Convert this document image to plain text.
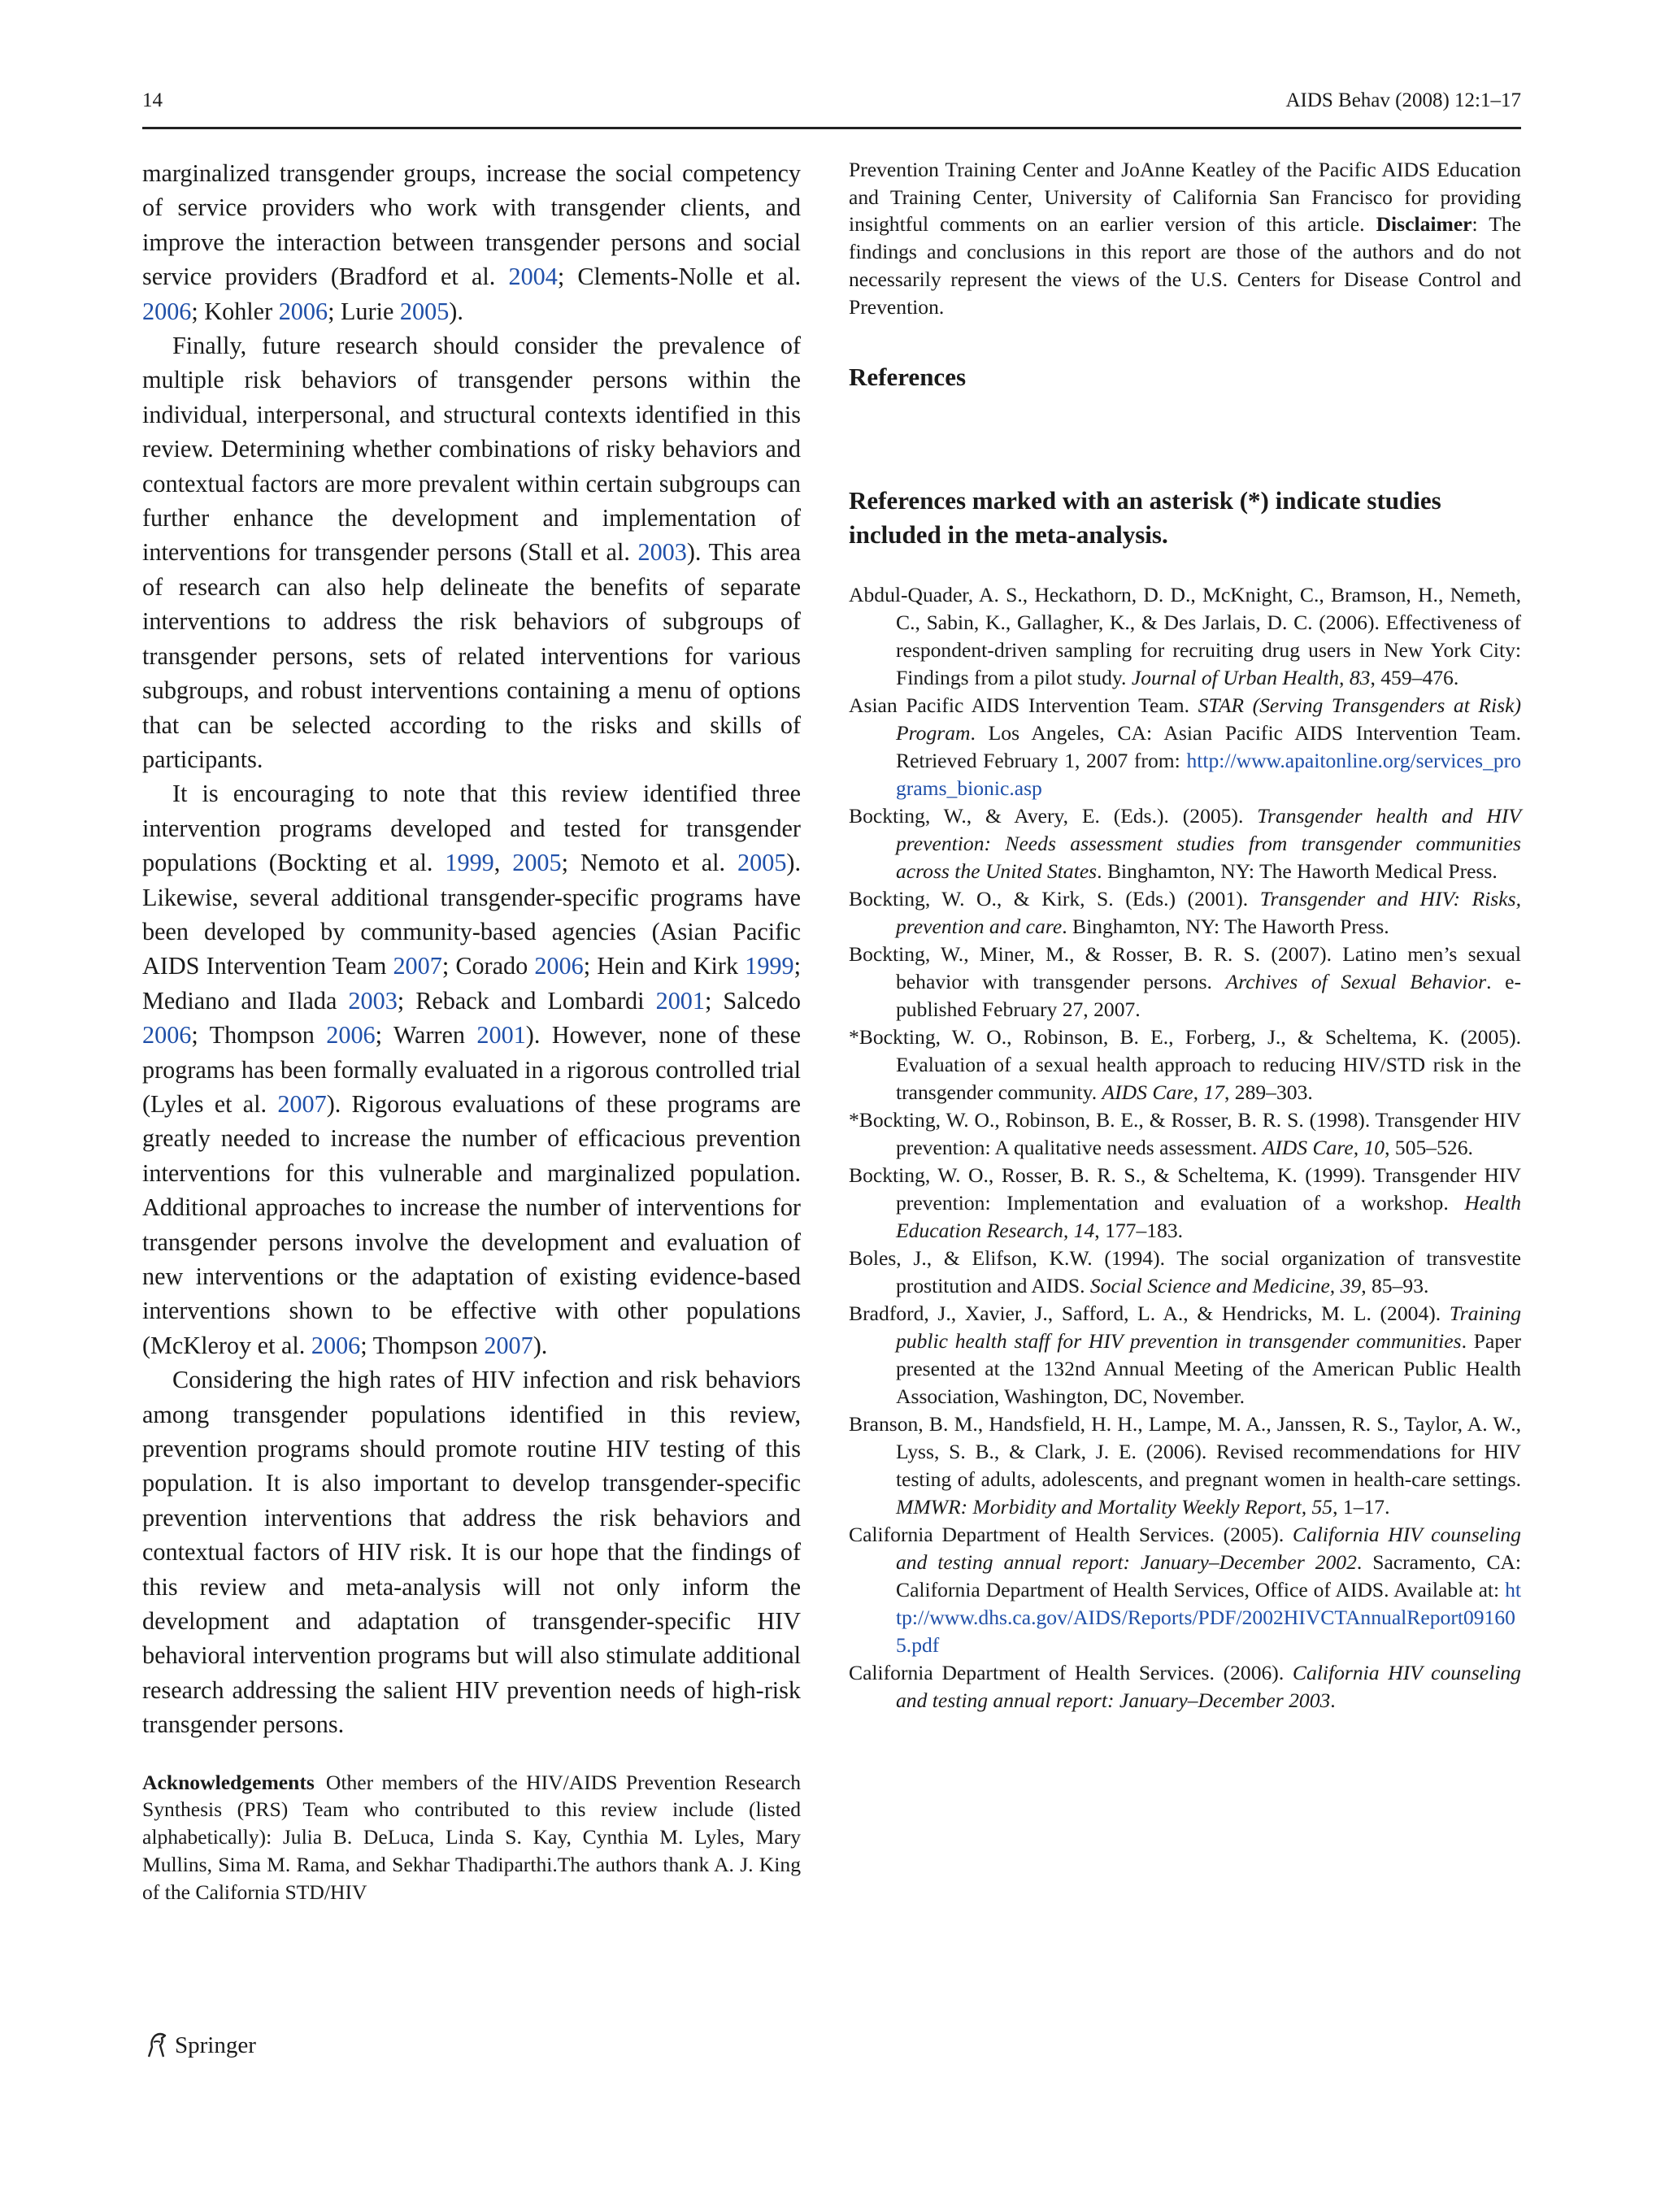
14	AIDS Behav (2008) 12:1–17

marginalized transgender groups, increase the social competency of service providers who work with transgender clients, and improve the interaction between transgender persons and social service providers (Bradford et al. 2004; Clements-Nolle et al. 2006; Kohler 2006; Lurie 2005).

Finally, future research should consider the prevalence of multiple risk behaviors of transgender persons within the individual, interpersonal, and structural contexts identified in this review. Determining whether combinations of risky behaviors and contextual factors are more prevalent within certain subgroups can further enhance the development and implementation of interventions for transgender persons (Stall et al. 2003). This area of research can also help delineate the benefits of separate interventions to address the risk behaviors of subgroups of transgender persons, sets of related interventions for various subgroups, and robust interventions containing a menu of options that can be selected according to the risks and skills of participants.

It is encouraging to note that this review identified three intervention programs developed and tested for transgender populations (Bockting et al. 1999, 2005; Nemoto et al. 2005). Likewise, several additional transgender-specific programs have been developed by community-based agencies (Asian Pacific AIDS Intervention Team 2007; Corado 2006; Hein and Kirk 1999; Mediano and Ilada 2003; Reback and Lombardi 2001; Salcedo 2006; Thompson 2006; Warren 2001). However, none of these programs has been formally evaluated in a rigorous controlled trial (Lyles et al. 2007). Rigorous evaluations of these programs are greatly needed to increase the number of efficacious prevention interventions for this vulnerable and marginalized population. Additional approaches to increase the number of interventions for transgender persons involve the development and evaluation of new interventions or the adaptation of existing evidence-based interventions shown to be effective with other populations (McKleroy et al. 2006; Thompson 2007).

Considering the high rates of HIV infection and risk behaviors among transgender populations identified in this review, prevention programs should promote routine HIV testing of this population. It is also important to develop transgender-specific prevention interventions that address the risk behaviors and contextual factors of HIV risk. It is our hope that the findings of this review and meta-analysis will not only inform the development and adaptation of transgender-specific HIV behavioral intervention programs but will also stimulate additional research addressing the salient HIV prevention needs of high-risk transgender persons.

Acknowledgements Other members of the HIV/AIDS Prevention Research Synthesis (PRS) Team who contributed to this review include (listed alphabetically): Julia B. DeLuca, Linda S. Kay, Cynthia M. Lyles, Mary Mullins, Sima M. Rama, and Sekhar Thadiparthi.The authors thank A. J. King of the California STD/HIV

Prevention Training Center and JoAnne Keatley of the Pacific AIDS Education and Training Center, University of California San Francisco for providing insightful comments on an earlier version of this article. Disclaimer: The findings and conclusions in this report are those of the authors and do not necessarily represent the views of the U.S. Centers for Disease Control and Prevention.

References
References marked with an asterisk (*) indicate studies included in the meta-analysis.

Abdul-Quader, A. S., Heckathorn, D. D., McKnight, C., Bramson, H., Nemeth, C., Sabin, K., Gallagher, K., & Des Jarlais, D. C. (2006). Effectiveness of respondent-driven sampling for recruiting drug users in New York City: Findings from a pilot study. Journal of Urban Health, 83, 459–476.

Asian Pacific AIDS Intervention Team. STAR (Serving Transgenders at Risk) Program. Los Angeles, CA: Asian Pacific AIDS Intervention Team. Retrieved February 1, 2007 from: http://www.apaitonline.org/services_programs_bionic.asp

Bockting, W., & Avery, E. (Eds.). (2005). Transgender health and HIV prevention: Needs assessment studies from transgender communities across the United States. Binghamton, NY: The Haworth Medical Press.

Bockting, W. O., & Kirk, S. (Eds.) (2001). Transgender and HIV: Risks, prevention and care. Binghamton, NY: The Haworth Press.

Bockting, W., Miner, M., & Rosser, B. R. S. (2007). Latino men’s sexual behavior with transgender persons. Archives of Sexual Behavior. e-published February 27, 2007.

*Bockting, W. O., Robinson, B. E., Forberg, J., & Scheltema, K. (2005). Evaluation of a sexual health approach to reducing HIV/STD risk in the transgender community. AIDS Care, 17, 289–303.

*Bockting, W. O., Robinson, B. E., & Rosser, B. R. S. (1998). Transgender HIV prevention: A qualitative needs assessment. AIDS Care, 10, 505–526.

Bockting, W. O., Rosser, B. R. S., & Scheltema, K. (1999). Transgender HIV prevention: Implementation and evaluation of a workshop. Health Education Research, 14, 177–183.

Boles, J., & Elifson, K.W. (1994). The social organization of transvestite prostitution and AIDS. Social Science and Medicine, 39, 85–93.

Bradford, J., Xavier, J., Safford, L. A., & Hendricks, M. L. (2004). Training public health staff for HIV prevention in transgender communities. Paper presented at the 132nd Annual Meeting of the American Public Health Association, Washington, DC, November.

Branson, B. M., Handsfield, H. H., Lampe, M. A., Janssen, R. S., Taylor, A. W., Lyss, S. B., & Clark, J. E. (2006). Revised recommendations for HIV testing of adults, adolescents, and pregnant women in health-care settings. MMWR: Morbidity and Mortality Weekly Report, 55, 1–17.

California Department of Health Services. (2005). California HIV counseling and testing annual report: January–December 2002. Sacramento, CA: California Department of Health Services, Office of AIDS. Available at: http://www.dhs.ca.gov/AIDS/Reports/PDF/2002HIVCTAnnualReport091605.pdf

California Department of Health Services. (2006). California HIV counseling and testing annual report: January–December 2003.

Springer
